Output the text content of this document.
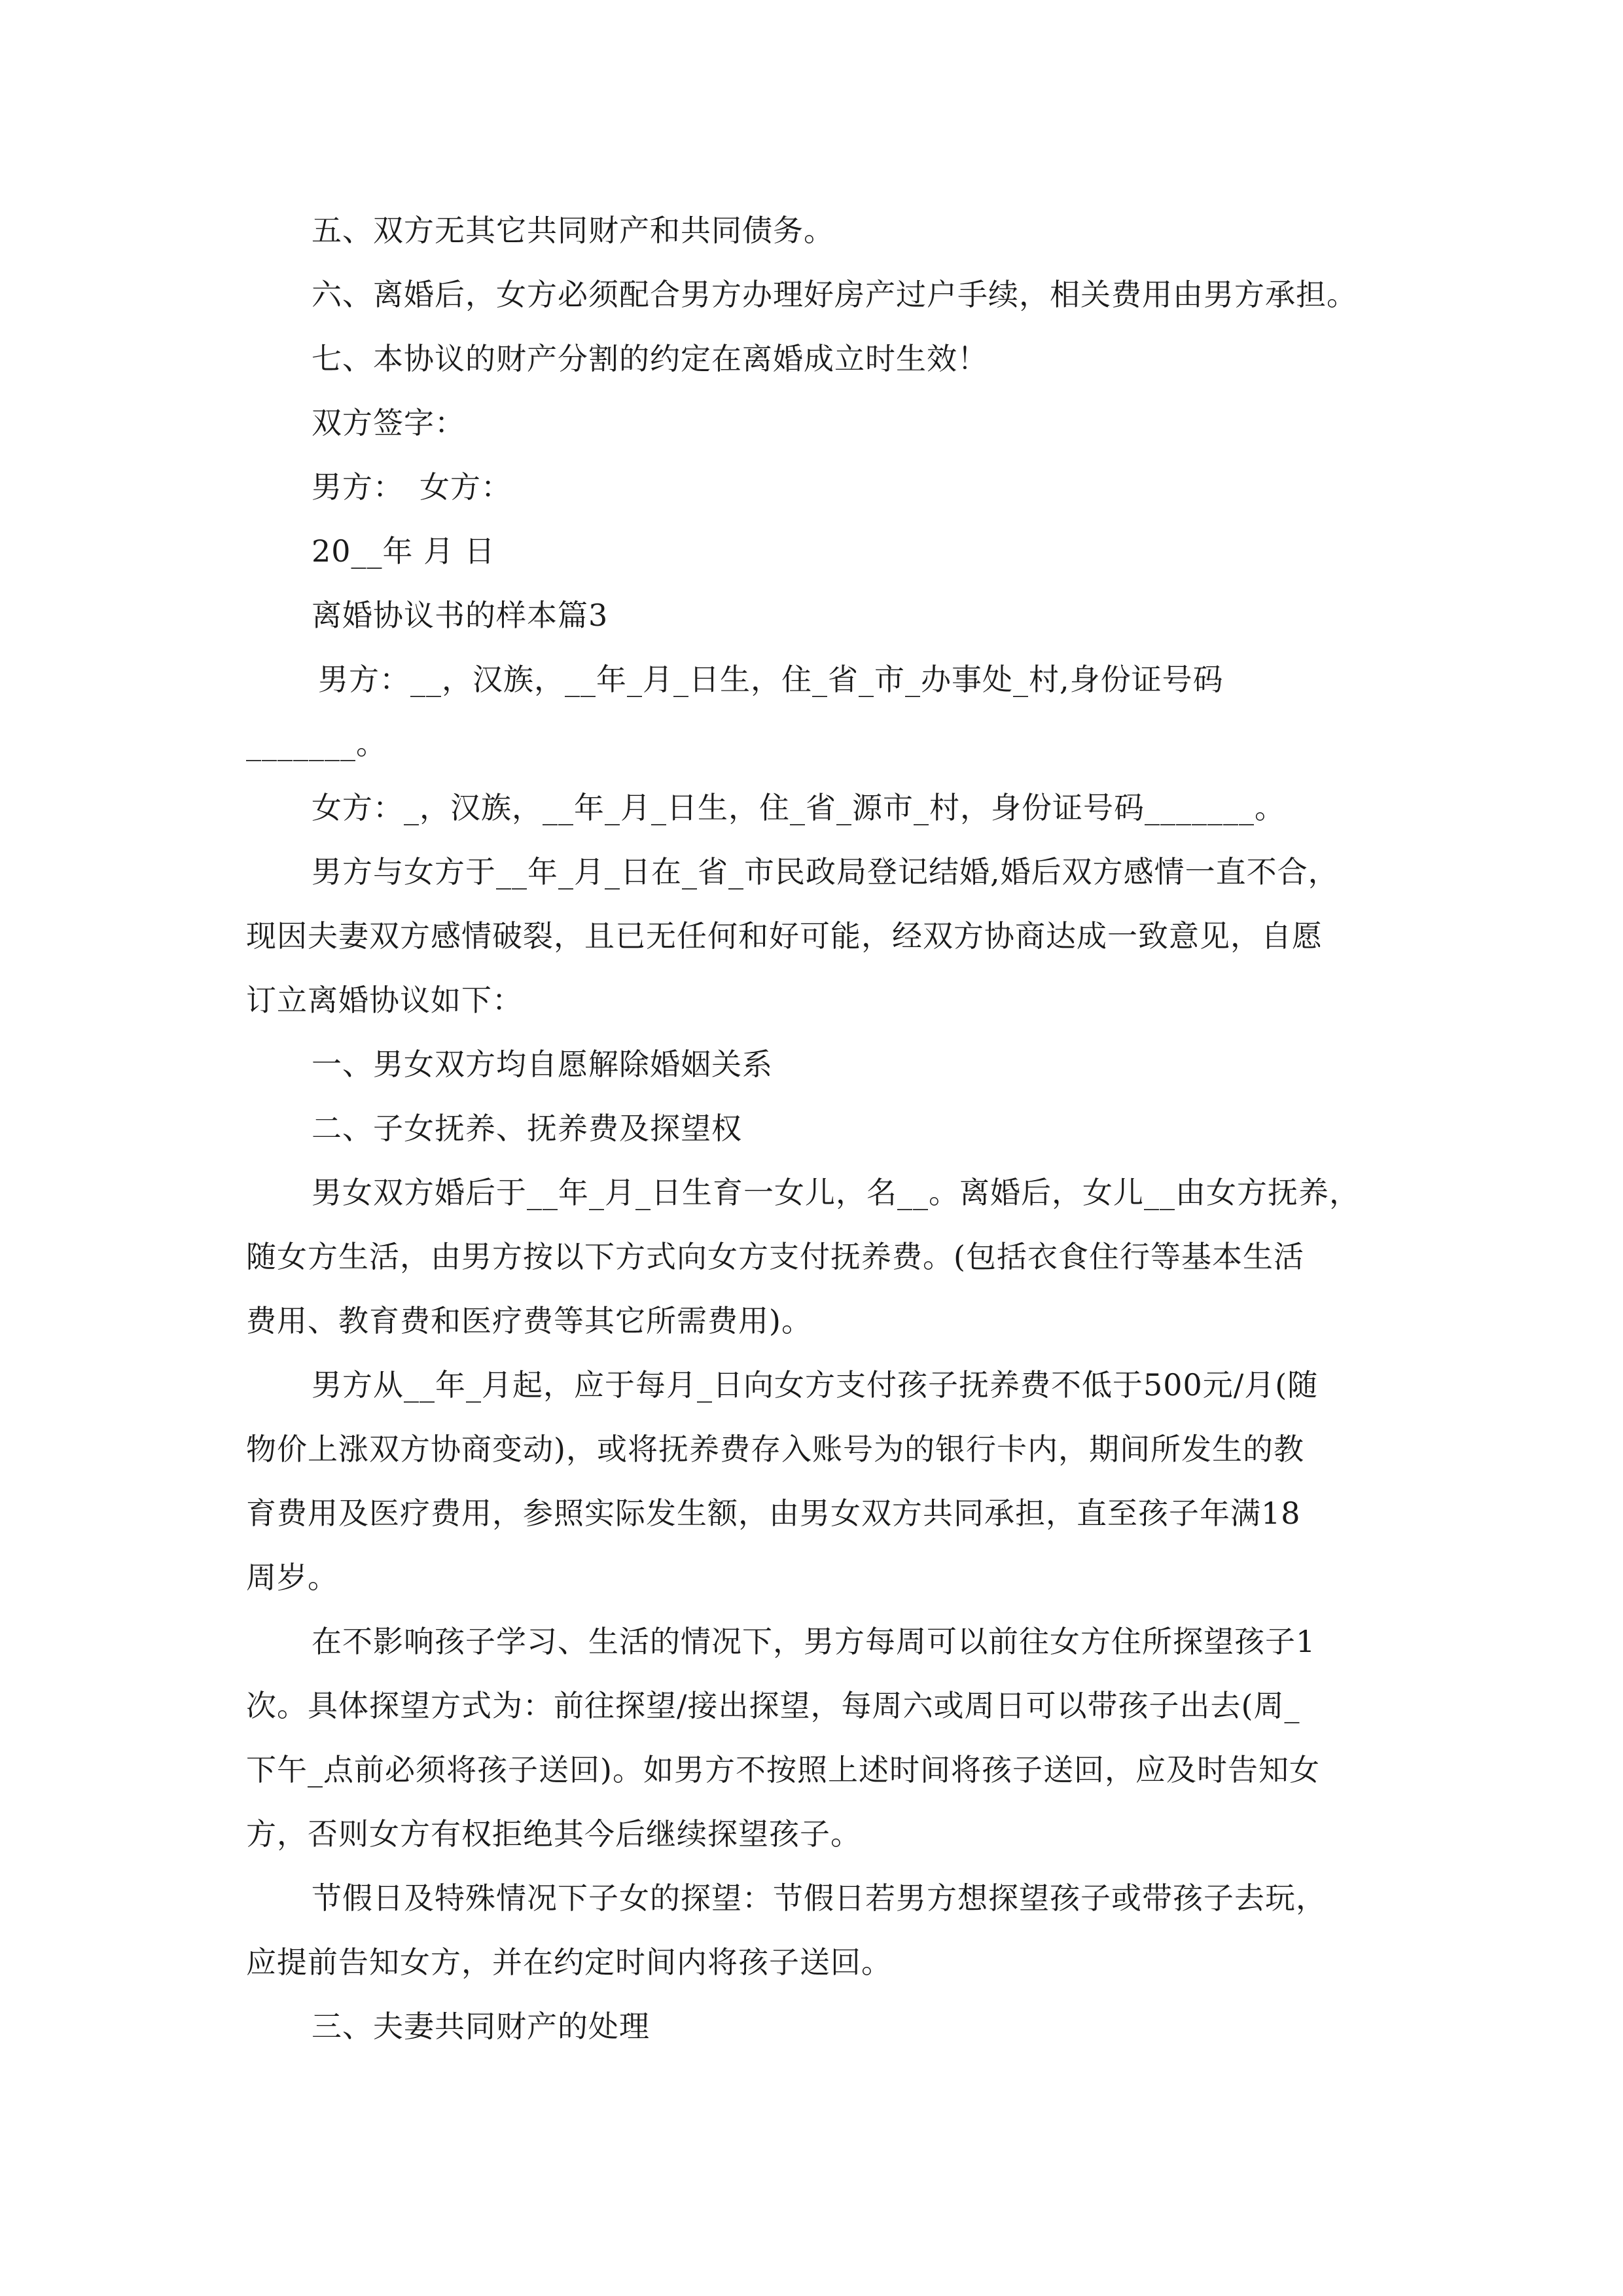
五、双方无其它共同财产和共同债务。
六、离婚后，女方必须配合男方办理好房产过户手续，相关费用由男方承担。
七、本协议的财产分割的约定在离婚成立时生效！
双方签字：
男方：　女方：
20__年 月 日
离婚协议书的样本篇3
男方：__，汉族，__年_月_日生，住_省_市_办事处_村,身份证号码
_______。
女方：_，汉族，__年_月_日生，住_省_源市_村，身份证号码_______。
男方与女方于__年_月_日在_省_市民政局登记结婚,婚后双方感情一直不合，
现因夫妻双方感情破裂，且已无任何和好可能，经双方协商达成一致意见，自愿
订立离婚协议如下：
一、男女双方均自愿解除婚姻关系
二、子女抚养、抚养费及探望权
男女双方婚后于__年_月_日生育一女儿，名__。离婚后，女儿__由女方抚养，
随女方生活，由男方按以下方式向女方支付抚养费。(包括衣食住行等基本生活
费用、教育费和医疗费等其它所需费用)。
男方从__年_月起，应于每月_日向女方支付孩子抚养费不低于500元/月(随
物价上涨双方协商变动)，或将抚养费存入账号为的银行卡内，期间所发生的教
育费用及医疗费用，参照实际发生额，由男女双方共同承担，直至孩子年满18
周岁。
在不影响孩子学习、生活的情况下，男方每周可以前往女方住所探望孩子1
次。具体探望方式为：前往探望/接出探望，每周六或周日可以带孩子出去(周_
下午_点前必须将孩子送回)。如男方不按照上述时间将孩子送回，应及时告知女
方，否则女方有权拒绝其今后继续探望孩子。
节假日及特殊情况下子女的探望：节假日若男方想探望孩子或带孩子去玩，
应提前告知女方，并在约定时间内将孩子送回。
三、夫妻共同财产的处理
